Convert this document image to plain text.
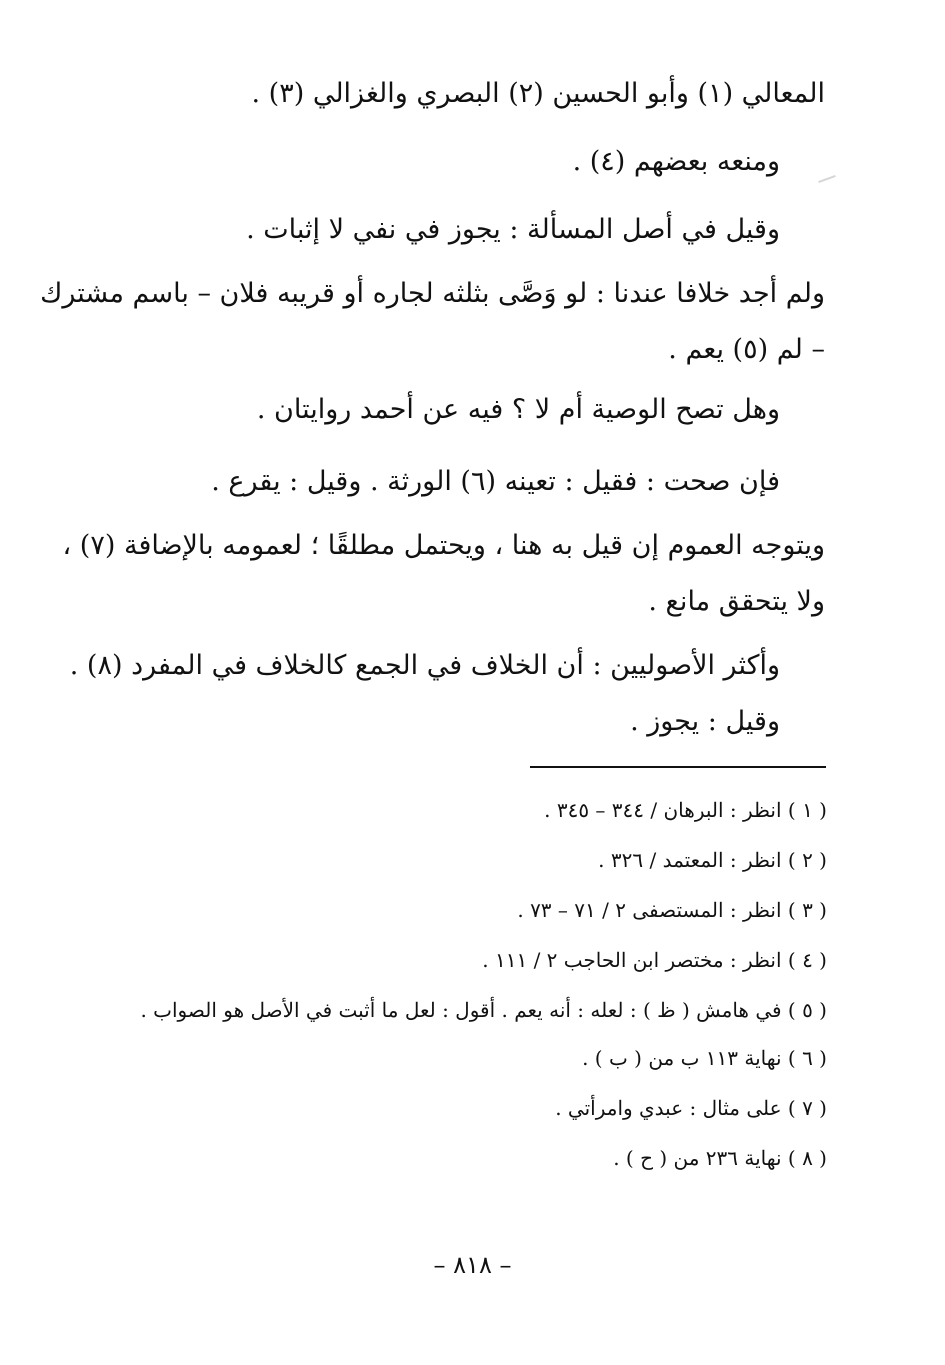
المعالي (١) وأبو الحسين (٢) البصري والغزالي (٣) .
ومنعه بعضهم (٤) .
وقيل في أصل المسألة : يجوز في نفي لا إثبات .
ولم أجد خلافا عندنا : لو وَصَّى بثلثه لجاره أو قريبه فلان – باسم مشترك
– لم (٥) يعم .
وهل تصح الوصية أم لا ؟ فيه عن أحمد روايتان .
فإن صحت : فقيل : تعينه (٦) الورثة . وقيل : يقرع .
ويتوجه العموم إن قيل به هنا ، ويحتمل مطلقًا ؛ لعمومه بالإضافة (٧) ،
ولا يتحقق مانع .
وأكثر الأصوليين : أن الخلاف في الجمع كالخلاف في المفرد (٨) .
وقيل : يجوز .
( ١ ) انظر : البرهان / ٣٤٤ – ٣٤٥ .
( ٢ ) انظر : المعتمد / ٣٢٦ .
( ٣ ) انظر : المستصفى ٢ / ٧١ – ٧٣ .
( ٤ ) انظر : مختصر ابن الحاجب ٢ / ١١١ .
( ٥ ) في هامش ( ظ ) : لعله : أنه يعم . أقول : لعل ما أثبت في الأصل هو الصواب .
( ٦ ) نهاية ١١٣ ب من ( ب ) .
( ٧ ) على مثال : عبدي وامرأتي .
( ٨ ) نهاية ٢٣٦ من ( ح ) .
– ٨١٨ –
